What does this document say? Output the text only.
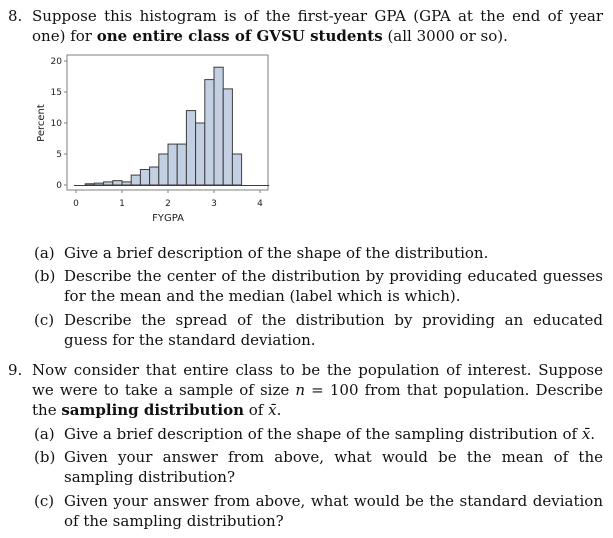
8. Suppose this histogram is of the first-year GPA (GPA at the end of year one) for one entire class of GVSU students (all 3000 or so).
0
5
10
15
20
0	1	2	3	4
FYGPA
Percent
(a) Give a brief description of the shape of the distribution.
(b) Describe the center of the distribution by providing educated guesses for the mean and the median (label which is which).
(c) Describe the spread of the distribution by providing an educated guess for the standard deviation.
9. Now consider that entire class to be the population of interest. Suppose we were to take a sample of size n = 100 from that population. Describe the sampling distribution of x̄.
(a) Give a brief description of the shape of the sampling distribution of x̄.
(b) Given your answer from above, what would be the mean of the sampling distribution?
(c) Given your answer from above, what would be the standard deviation of the sampling distribution?
